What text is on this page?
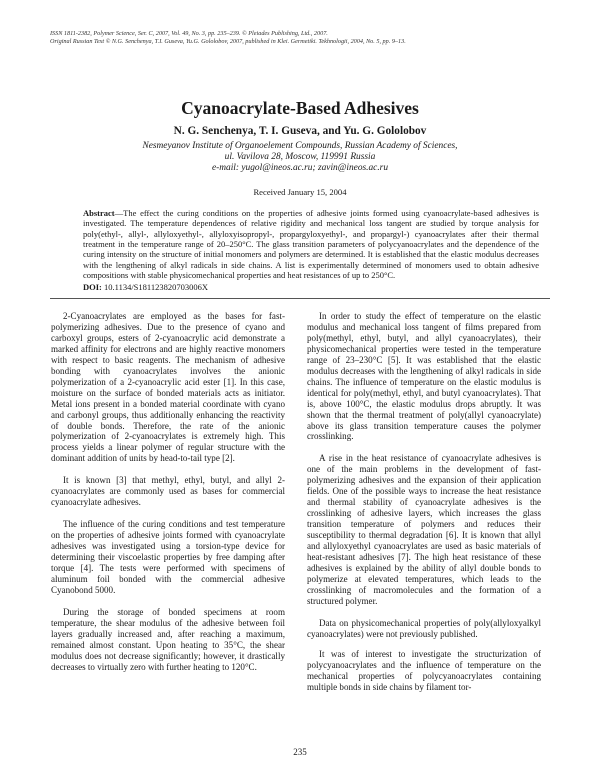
ISSN 1811-2382, Polymer Science, Ser. C, 2007, Vol. 49, No. 3, pp. 235–239. © Pleiades Publishing, Ltd., 2007.
Original Russian Text © N.G. Senchenya, T.I. Guseva, Yu.G. Gololobov, 2007, published in Klei. Germetiki. Tekhnologii, 2004, No. 5, pp. 9–13.
Cyanoacrylate-Based Adhesives
N. G. Senchenya, T. I. Guseva, and Yu. G. Gololobov
Nesmeyanov Institute of Organoelement Compounds, Russian Academy of Sciences,
ul. Vavilova 28, Moscow, 119991 Russia
e-mail: yugol@ineos.ac.ru; zavin@ineos.ac.ru
Received January 15, 2004
Abstract—The effect the curing conditions on the properties of adhesive joints formed using cyanoacrylate-based adhesives is investigated. The temperature dependences of relative rigidity and mechanical loss tangent are studied by torque analysis for poly(ethyl-, allyl-, allyloxyethyl-, allyloxyisopropyl-, propargyloxyethyl-, and propargyl-) cyanoacrylates after their thermal treatment in the temperature range of 20–250°C. The glass transition parameters of polycyanoacrylates and the dependence of the curing intensity on the structure of initial monomers and polymers are determined. It is established that the elastic modulus decreases with the lengthening of alkyl radicals in side chains. A list is experimentally determined of monomers used to obtain adhesive compositions with stable physicomechanical properties and heat resistances of up to 250°C.
DOI: 10.1134/S181123820703006X

2-Cyanoacrylates are employed as the bases for fast-polymerizing adhesives. Due to the presence of cyano and carboxyl groups, esters of 2-cyanoacrylic acid demonstrate a marked affinity for electrons and are highly reactive monomers with respect to basic reagents. The mechanism of adhesive bonding with cyanoacrylates involves the anionic polymerization of a 2-cyanoacrylic acid ester [1]. In this case, moisture on the surface of bonded materials acts as initiator. Metal ions present in a bonded material coordinate with cyano and carbonyl groups, thus additionally enhancing the reactivity of double bonds. Therefore, the rate of the anionic polymerization of 2-cyanoacrylates is extremely high. This process yields a linear polymer of regular structure with the dominant addition of units by head-to-tail type [2].

It is known [3] that methyl, ethyl, butyl, and allyl 2-cyanoacrylates are commonly used as bases for commercial cyanoacrylate adhesives.

The influence of the curing conditions and test temperature on the properties of adhesive joints formed with cyanoacrylate adhesives was investigated using a torsion-type device for determining their viscoelastic properties by free damping after torque [4]. The tests were performed with specimens of aluminum foil bonded with the commercial adhesive Cyanobond 5000.

During the storage of bonded specimens at room temperature, the shear modulus of the adhesive between foil layers gradually increased and, after reaching a maximum, remained almost constant. Upon heating to 35°C, the shear modulus does not decrease significantly; however, it drastically decreases to virtually zero with further heating to 120°C.

In order to study the effect of temperature on the elastic modulus and mechanical loss tangent of films prepared from poly(methyl, ethyl, butyl, and allyl cyanoacrylates), their physicomechanical properties were tested in the temperature range of 23–230°C [5]. It was established that the elastic modulus decreases with the lengthening of alkyl radicals in side chains. The influence of temperature on the elastic modulus is identical for poly(methyl, ethyl, and butyl cyanoacrylates). That is, above 100°C, the elastic modulus drops abruptly. It was shown that the thermal treatment of poly(allyl cyanoacrylate) above its glass transition temperature causes the polymer crosslinking.

A rise in the heat resistance of cyanoacrylate adhesives is one of the main problems in the development of fast-polymerizing adhesives and the expansion of their application fields. One of the possible ways to increase the heat resistance and thermal stability of cyanoacrylate adhesives is the crosslinking of adhesive layers, which increases the glass transition temperature of polymers and reduces their susceptibility to thermal degradation [6]. It is known that allyl and allyloxyethyl cyanoacrylates are used as basic materials of heat-resistant adhesives [7]. The high heat resistance of these adhesives is explained by the ability of allyl double bonds to polymerize at elevated temperatures, which leads to the crosslinking of macromolecules and the formation of a structured polymer.

Data on physicomechanical properties of poly(allyloxyalkyl cyanoacrylates) were not previously published.

It was of interest to investigate the structurization of polycyanoacrylates and the influence of temperature on the mechanical properties of polycyanoacrylates containing multiple bonds in side chains by filament tor-

235
